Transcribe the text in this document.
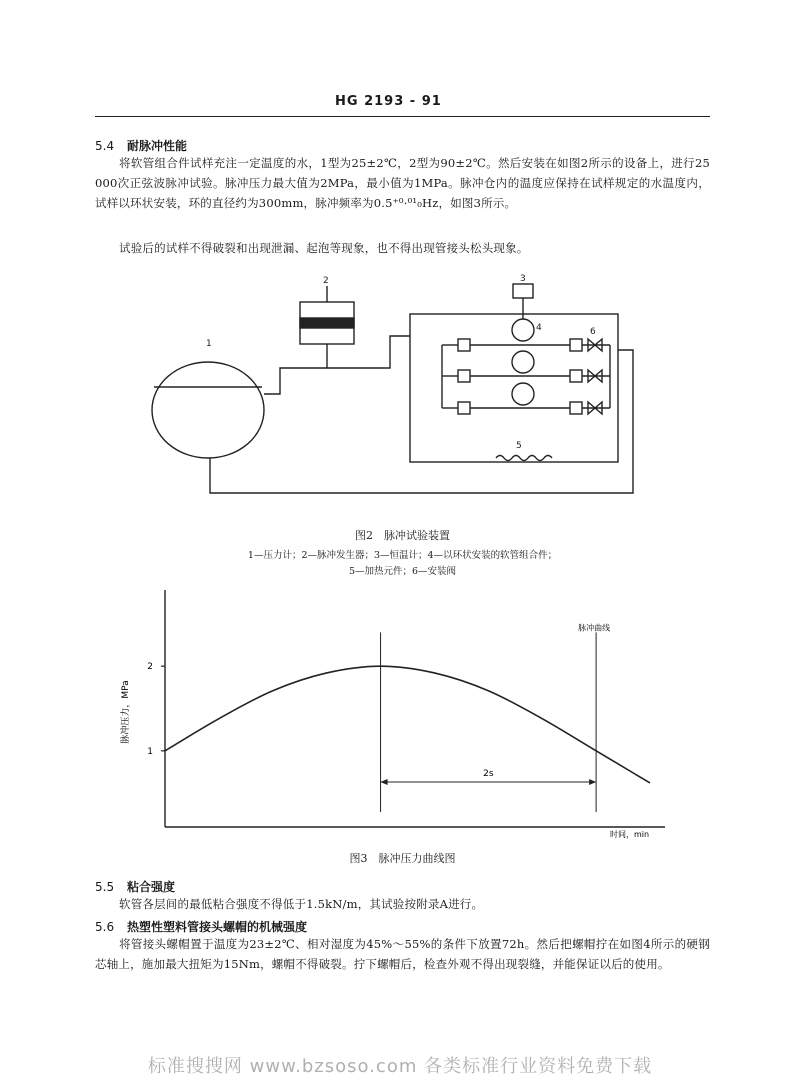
HG 2193 - 91
5.4 耐脉冲性能
将软管组合件试样充注一定温度的水，1型为25±2℃，2型为90±2℃。然后安装在如图2所示的设备上，进行25 000次正弦波脉冲试验。脉冲压力最大值为2MPa，最小值为1MPa。脉冲仓内的温度应保持在试样规定的水温度内，试样以环状安装，环的直径约为300mm，脉冲频率为0.5⁺⁰·⁰¹₀Hz，如图3所示。
试验后的试样不得破裂和出现泄漏、起泡等现象，也不得出现管接头松头现象。
1
2	3
4
5
6
图2　脉冲试验装置
1—压力计；2—脉冲发生器；3—恒温计；4—以环状安装的软管组合件；
5—加热元件；6—安装阀
脉冲压力，MPa
时间，min
1
2
2s
脉冲曲线
图3　脉冲压力曲线图
5.5 粘合强度
软管各层间的最低粘合强度不得低于1.5kN/m，其试验按附录A进行。
5.6 热塑性塑料管接头螺帽的机械强度
将管接头螺帽置于温度为23±2℃、相对湿度为45%～55%的条件下放置72h。然后把螺帽拧在如图4所示的硬钢芯轴上，施加最大扭矩为15Nm，螺帽不得破裂。拧下螺帽后，检查外观不得出现裂缝，并能保证以后的使用。
标准搜搜网 www.bzsoso.com 各类标准行业资料免费下载
